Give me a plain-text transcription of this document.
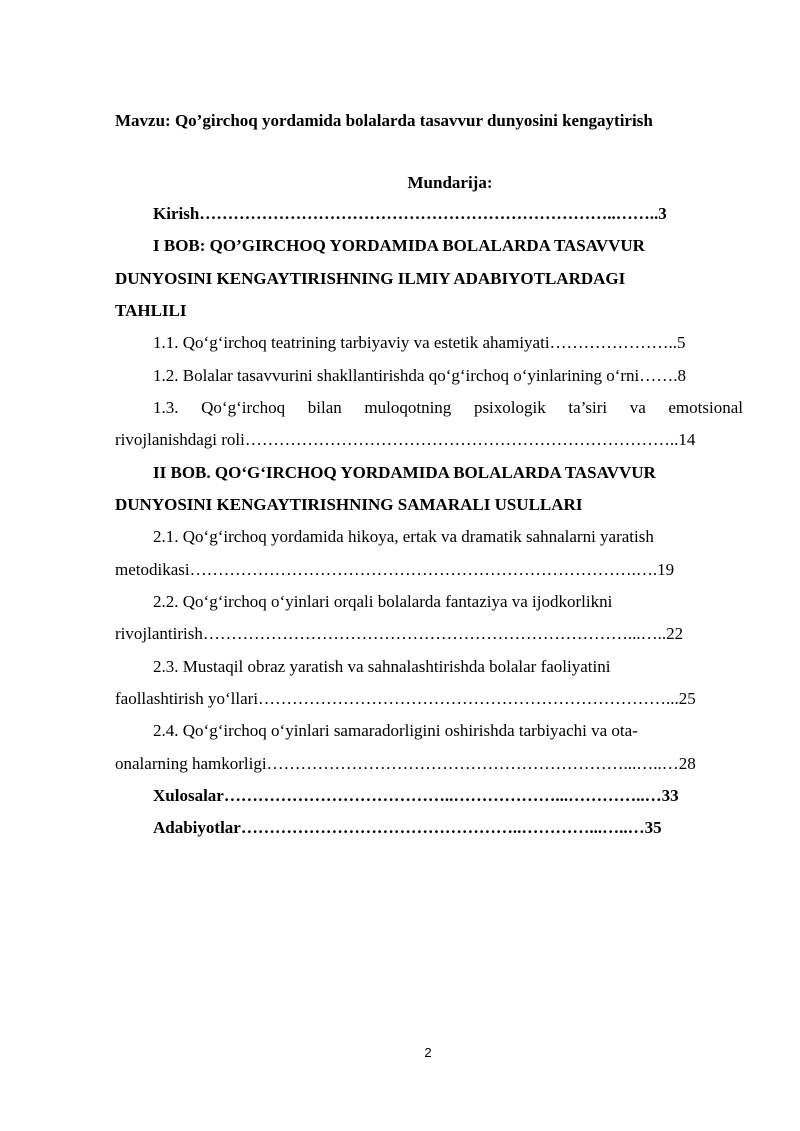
Mavzu: Qo’girchoq yordamida bolalarda tasavvur dunyosini kengaytirish
Mundarija:
Kirish………………………………………………………………..……..3
I BOB: QO’GIRCHOQ YORDAMIDA BOLALARDA TASAVVUR
DUNYOSINI KENGAYTIRISHNING ILMIY ADABIYOTLARDAGI
TAHLILI
1.1. Qo‘g‘irchoq teatrining tarbiyaviy va estetik ahamiyati…………………..5
1.2. Bolalar tasavvurini shakllantirishda qo‘g‘irchoq o‘yinlarining o‘rni…….8
1.3. Qo‘g‘irchoq bilan muloqotning psixologik ta’siri va emotsional
rivojlanishdagi roli…………………………………………………………………..14
II BOB. QO‘G‘IRCHOQ YORDAMIDA BOLALARDA TASAVVUR
DUNYOSINI KENGAYTIRISHNING SAMARALI USULLARI
2.1. Qo‘g‘irchoq yordamida hikoya, ertak va dramatik sahnalarni yaratish
metodikasi…………………………………………………………………….….19
2.2. Qo‘g‘irchoq o‘yinlari orqali bolalarda fantaziya va ijodkorlikni
rivojlantirish…………………………………………………………………...…..22
2.3. Mustaqil obraz yaratish va sahnalashtirishda bolalar faoliyatini
faollashtirish yo‘llari………………………………………………………………...25
2.4. Qo‘g‘irchoq o‘yinlari samaradorligini oshirishda tarbiyachi va ota-
onalarning hamkorligi………………………………………………………...…..…28
Xulosalar…………………………………..………………...…………..…33
Adabiyotlar…………………………………………..…………...…..…35
2
